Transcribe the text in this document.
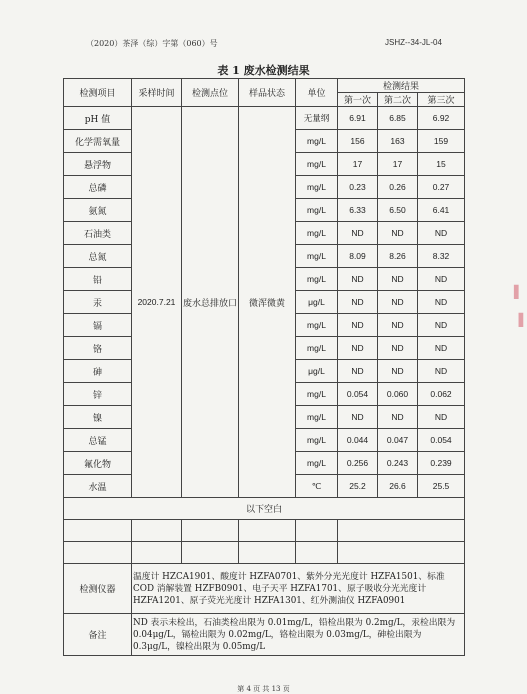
（2020）茶泽（综）字第（060）号	JSHZ--34-JL-04
表 1 废水检测结果
检测项目	采样时间	检测点位	样品状态	单位	检测结果		
					第一次	第二次	第三次
pH 值	2020.7.21	废水总排放口	微浑微黄	无量纲	6.91	6.85	6.92
化学需氧量				mg/L	156	163	159
悬浮物				mg/L	17	17	15
总磷				mg/L	0.23	0.26	0.27
氨氮				mg/L	6.33	6.50	6.41
石油类				mg/L	ND	ND	ND
总氮				mg/L	8.09	8.26	8.32
铅				mg/L	ND	ND	ND
汞				μg/L	ND	ND	ND
镉				mg/L	ND	ND	ND
铬				mg/L	ND	ND	ND
砷				μg/L	ND	ND	ND
锌				mg/L	0.054	0.060	0.062
镍				mg/L	ND	ND	ND
总锰				mg/L	0.044	0.047	0.054
氟化物				mg/L	0.256	0.243	0.239
水温				℃	25.2	26.6	25.5
以下空白							

检测仪器	温度计 HZCA1901、酸度计 HZFA0701、紫外分光光度计 HZFA1501、标准 COD 消解装置 HZFB0901、电子天平 HZFA1701、原子吸收分光光度计 HZFA1201、原子荧光光度计 HZFA1301、红外测油仪 HZFA0901						
备注	ND 表示未检出，石油类检出限为 0.01mg/L，铅检出限为 0.2mg/L，汞检出限为 0.04μg/L，镉检出限为 0.02mg/L，铬检出限为 0.03mg/L，砷检出限为 0.3μg/L，镍检出限为 0.05mg/L						
▌

▐
第 4 页 共 13 页
